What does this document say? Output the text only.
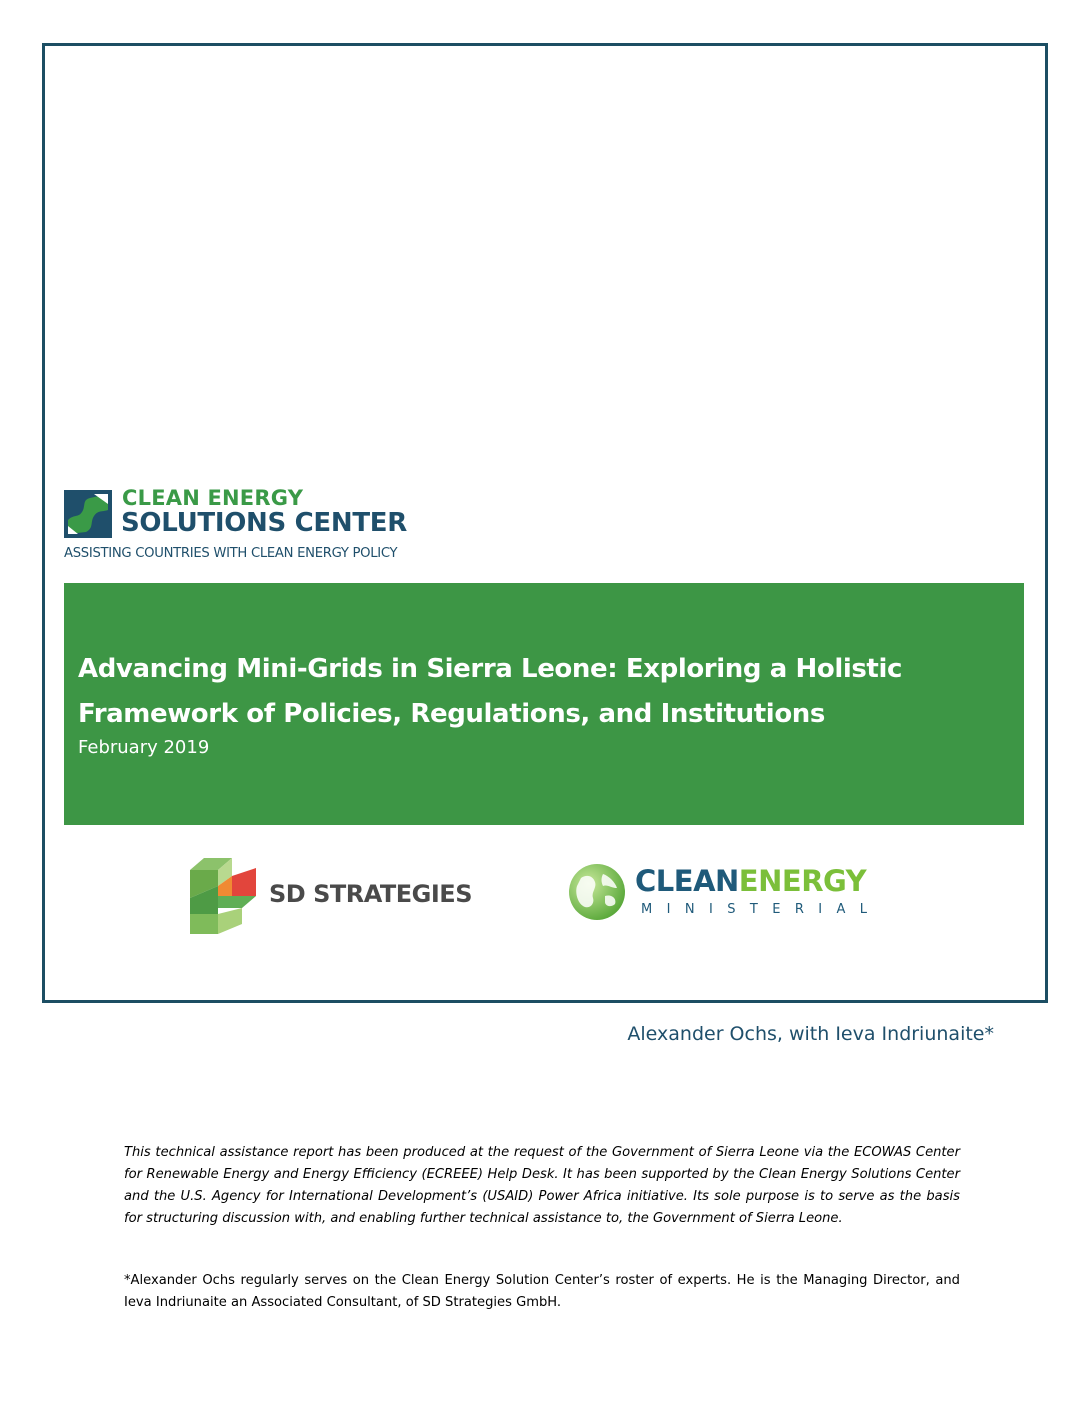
CLEAN ENERGY
SOLUTIONS CENTER
ASSISTING COUNTRIES WITH CLEAN ENERGY POLICY
Advancing Mini-Grids in Sierra Leone: Exploring a Holistic Framework of Policies, Regulations, and Institutions
February 2019
SD STRATEGIES	CLEANENERGY
MINISTERIAL
Alexander Ochs, with Ieva Indriunaite*

This technical assistance report has been produced at the request of the Government of Sierra Leone via the ECOWAS Center for Renewable Energy and Energy Efficiency (ECREEE) Help Desk. It has been supported by the Clean Energy Solutions Center and the U.S. Agency for International Development’s (USAID) Power Africa initiative. Its sole purpose is to serve as the basis for structuring discussion with, and enabling further technical assistance to, the Government of Sierra Leone.

*Alexander Ochs regularly serves on the Clean Energy Solution Center’s roster of experts. He is the Managing Director, and Ieva Indriunaite an Associated Consultant, of SD Strategies GmbH.
